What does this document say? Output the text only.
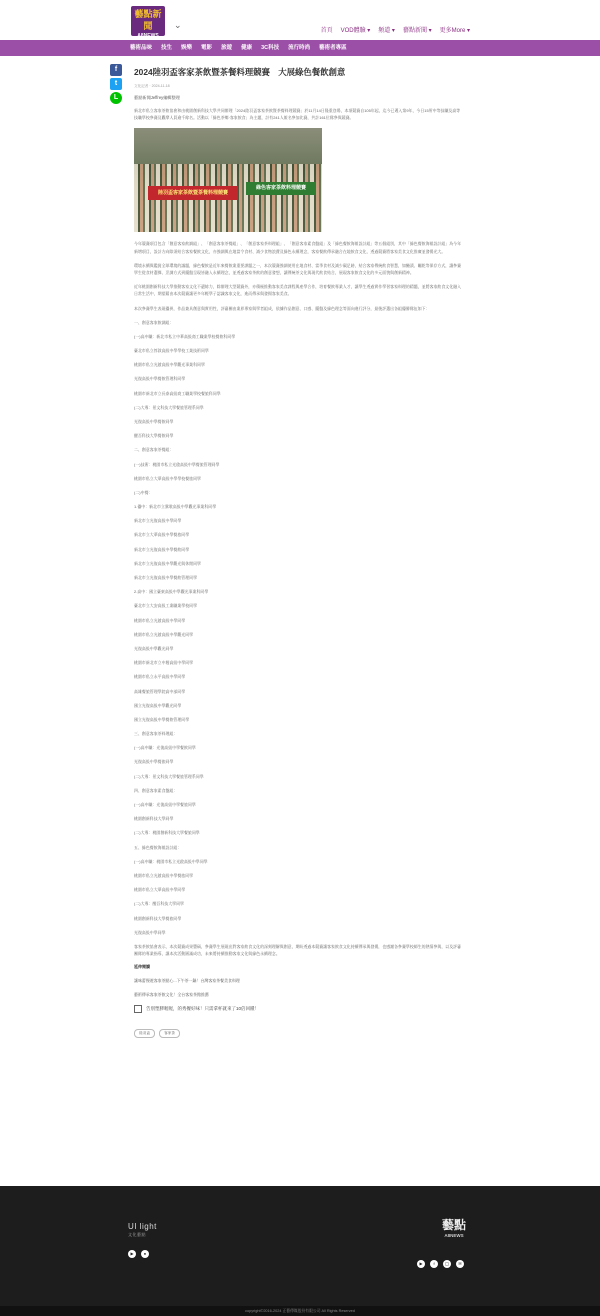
藝點新聞
A8NEWS
⌄
首頁 VOD體驗 ▾ 頻道 ▾ 藝點新聞 ▾ 更多More ▾
藝術品味 技生 娛樂 電影 旅遊 健康 3C科技 流行時尚 藝術者專區
f
t
L
2024陸羽盃客家茶飲暨茶餐料理競賽　大展綠色餐飲創意
文化記者 · 2024-11-18
藝點新聞Jeffrey編輯整理

新北市私立客家茶飲協會和由桃園創新科技大學共同辦理「2024陸羽盃客家茶飲暨茶餐料理競賽」於11月14日隆重登場，本項競賽自105年起，迄今已邁入第9年，今日15所中等技職及高等技職學校參賽及觀摩人員逾千餘名。活動以「綠色茶鄉‧客家飲食」為主題，計有241人報名參加比賽，共計161位隊參與競賽。

陸羽盃客家茶飲暨茶餐料理競賽
綠色客家茶飲料理競賽

今年競賽項目包含「創意客家飲調組」、「創意客家茶餐組」、「創意客家茶料理組」、「創意客家素食盤組」及「綠色餐飲海報設計組」等五個組別，其中「綠色餐飲海報設計組」為今年新增項目，設計方向除須結合客家餐飲文化，亦強調與在地當令食材、減少食物浪費及綠色永續理念，客家餐飲傳承融合在地飲食文化，透過競賽將客家美食文化推廣並發揚光大。

環境永續與鑑賞全球環境的議題，綠色餐飲是近年來餐飲業重要課題之一，本次競賽強調使用在地食材、當季食材及減少碳足跡，結合客家傳統飲食智慧，如醃漬、曬乾等保存方式，讓參賽學生從食材選擇、烹調方式到擺盤呈現皆融入永續理念，並透過客家茶飲的創意發想，讓傳統茶文化與現代飲食結合，展現客家飲食文化的多元面貌與創新精神。

近年桃園創新科技大學推動客家文化不遺餘力，除辦理大型競賽外，亦積極推動客家美食課程與產學合作，培育餐飲專業人才，讓學生透過實作學習客家料理的精髓，並將客家飲食文化融入日常生活中，期望藉由本次競賽讓更多年輕學子認識客家文化，進而傳承與發揚客家美食。

本次參賽學生表現優異，作品兼具創意與實用性，評審團由業界專家與學者組成，依據作品創意、口感、擺盤及綠色理念等面向進行評分，最後評選出各組優勝隊伍如下：

一、創意客家飲調組：

(一)高中職：新北市私立中華高級商工職業學校餐飲科同學

臺北市私立惇敘高級中學學校工業技術同學

桃園市私立光啟高級中學觀光事業科同學

光復高級中學餐飲管理科同學

桃園市新北市立長泰高級商工職業學校餐旅科同學

(二)大專：景文科技大學餐旅管理系同學

光復高級中學餐飲同學

醒吾科技大學餐飲同學

二、創意客家茶餐組：

(一)技術：桃園市私立光啟高級中學餐旅管理同學

桃園市私立大華高級中學學校餐旅同學

(二)中餐：

1.優中：新北市立鶯歌高級中學觀光事業科同學

新北市立光復高級中學同學

新北市立大華高級中學餐旅同學

新北市立光復高級中學餐飲同學

新北市立光復高級中學觀光與休閒同學

新北市立光復高級中學餐飲管理同學

2.高中：國立臺東高級中學觀光事業科同學

臺北市立大安高級工業職業學校同學

桃園市私立光啟高級中學同學

桃園市私立光啟高級中學觀光同學

光復高級中學觀光同學

桃園市新北市立中壢高級中學同學

桃園市私立永平高級中學同學

高雄餐旅管理學院高中部同學

國立光復高級中學觀光同學

國立光復高級中學餐飲管理同學

三、創意客家茶料理組：

(一)高中職：光復高級中學餐飲同學

光復高級中學餐旅同學

(二)大專：景文科技大學餐旅管理系同學

四、創意客家素食盤組：

(一)高中職：光復高級中學餐旅同學

桃園創新科技大學同學

(二)大專：桃園創新科技大學餐旅同學

五、綠色餐飲海報設計組：

(一)高中職：桃園市私立光啟高級中學同學

桃園市私立光啟高級中學餐旅同學

桃園市私立大華高級中學同學

(二)大專：醒吾科技大學同學

桃園創新科技大學餐旅同學

光復高級中學同學

客家茶飲協會表示，本次競賽成果豐碩，參賽學生展現出對客家飲食文化的深刻理解與創意，期盼透過本競賽讓客家飲食文化持續傳承與發揚，也感謝各參賽學校師生的熱情參與，以及評審團隊的專業指導，讓本次活動圓滿成功，未來將持續推動客家文化與綠色永續理念。

延伸閱讀

讓味蕾慢遊客家茶點心...下午茶一鍋！台灣客家茶餐美食料理

藝術傳承客家茶飲文化！全台客家茶館推薦

告別塑膠喔喔，的秀餐好味！只需拿杯就來了10倍回饋！
陸羽盃	客家茶
UI light
文化藝點
▶	●
藝點
A8NEWS
▶	f	◯	✉
copyright©2016-2024 正藝傳媒股份有限公司 All Rights Reserved
